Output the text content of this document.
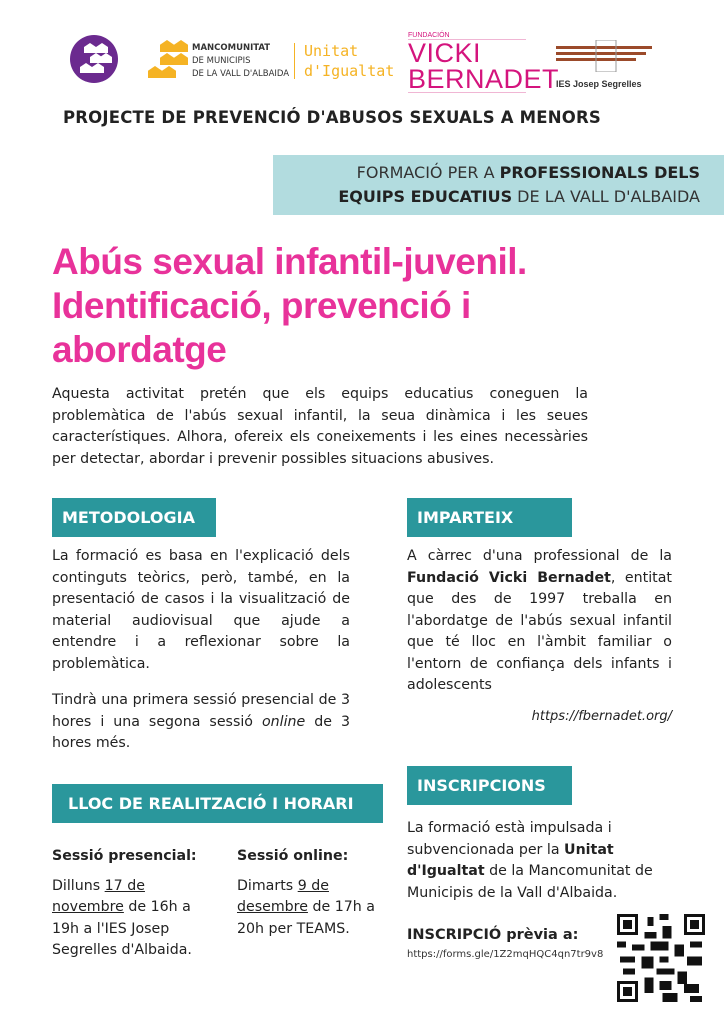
MANCOMUNITAT
DE MUNICIPIS
DE LA VALL D'ALBAIDA
Unitat
d'Igualtat
FUNDACIÓN
VICKI
BERNADET
IES Josep Segrelles
PROJECTE DE PREVENCIÓ D'ABUSOS SEXUALS A MENORS
FORMACIÓ PER A PROFESSIONALS DELS
EQUIPS EDUCATIUS DE LA VALL D'ALBAIDA
Abús sexual infantil-juvenil.
Identificació, prevenció i
abordatge
Aquesta activitat pretén que els equips educatius coneguen la problemàtica de l'abús sexual infantil, la seua dinàmica i les seues característiques. Alhora, ofereix els coneixements i les eines necessàries per detectar, abordar i prevenir possibles situacions abusives.
METODOLOGIA
La formació es basa en l'explicació dels continguts teòrics, però, també, en la presentació de casos i la visualització de material audiovisual que ajude a entendre i a reflexionar sobre la problemàtica.
Tindrà una primera sessió presencial de 3 hores i una segona sessió online de 3 hores més.
IMPARTEIX
A càrrec d'una professional de la Fundació Vicki Bernadet, entitat que des de 1997 treballa en l'abordatge de l'abús sexual infantil que té lloc en l'àmbit familiar o l'entorn de confiança dels infants i adolescents
https://fbernadet.org/
LLOC DE REALITZACIÓ I HORARI
Sessió presencial:
Dilluns 17 de novembre de 16h a 19h a l'IES Josep Segrelles d'Albaida.
Sessió online:
Dimarts 9 de desembre de 17h a 20h per TEAMS.
INSCRIPCIONS
La formació està impulsada i subvencionada per la Unitat d'Igualtat de la Mancomunitat de Municipis de la Vall d'Albaida.
INSCRIPCIÓ prèvia a:
https://forms.gle/1Z2mqHQC4qn7tr9v8
